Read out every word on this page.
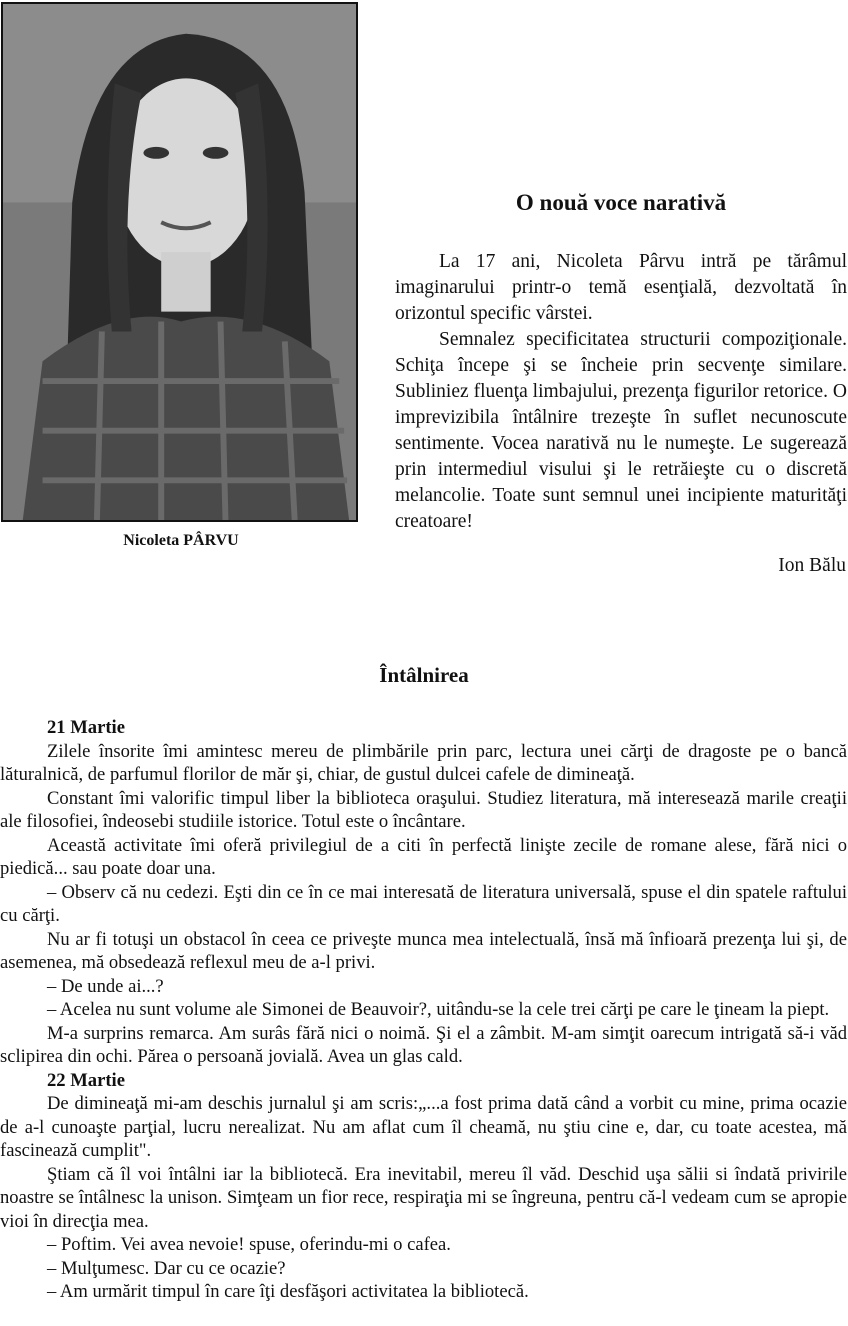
Nicoleta PÂRVU
O nouă voce narativă

La 17 ani, Nicoleta Pârvu intră pe tărâmul imaginarului printr-o temă esenţială, dezvoltată în orizontul specific vârstei.

Semnalez specificitatea structurii compoziţionale. Schiţa începe şi se încheie prin secvenţe similare. Subliniez fluenţa limbajului, prezenţa figurilor retorice. O imprevizibila întâlnire trezeşte în suflet necunoscute sentimente. Vocea narativă nu le numeşte. Le sugerează prin intermediul visului şi le retrăieşte cu o discretă melancolie. Toate sunt semnul unei incipiente maturităţi creatoare!

Ion Bălu
Întâlnirea

21 Martie

Zilele însorite îmi amintesc mereu de plimbările prin parc, lectura unei cărţi de dragoste pe o bancă lăturalnică, de parfumul florilor de măr şi, chiar, de gustul dulcei cafele de dimineaţă.

Constant îmi valorific timpul liber la biblioteca oraşului. Studiez literatura, mă interesează marile creaţii ale filosofiei, îndeosebi studiile istorice. Totul este o încântare.

Această activitate îmi oferă privilegiul de a citi în perfectă linişte zecile de romane alese, fără nici o piedică... sau poate doar una.

– Observ că nu cedezi. Eşti din ce în ce mai interesată de literatura universală, spuse el din spatele raftului cu cărţi.

Nu ar fi totuşi un obstacol în ceea ce priveşte munca mea intelectuală, însă mă înfioară prezenţa lui şi, de asemenea, mă obsedează reflexul meu de a-l privi.

– De unde ai...?

– Acelea nu sunt volume ale Simonei de Beauvoir?, uitându-se la cele trei cărţi pe care le ţineam la piept.

M-a surprins remarca. Am surâs fără nici o noimă. Şi el a zâmbit. M-am simţit oarecum intrigată să-i văd sclipirea din ochi. Părea o persoană jovială. Avea un glas cald.

22 Martie

De dimineaţă mi-am deschis jurnalul şi am scris:„...a fost prima dată când a vorbit cu mine, prima ocazie de a-l cunoaşte parţial, lucru nerealizat. Nu am aflat cum îl cheamă, nu ştiu cine e, dar, cu toate acestea, mă fascinează cumplit".

Ştiam că îl voi întâlni iar la bibliotecă. Era inevitabil, mereu îl văd. Deschid uşa sălii si îndată privirile noastre se întâlnesc la unison. Simţeam un fior rece, respiraţia mi se îngreuna, pentru că-l vedeam cum se apropie vioi în direcţia mea.

– Poftim. Vei avea nevoie! spuse, oferindu-mi o cafea.

– Mulţumesc. Dar cu ce ocazie?

– Am urmărit timpul în care îţi desfăşori activitatea la bibliotecă.
